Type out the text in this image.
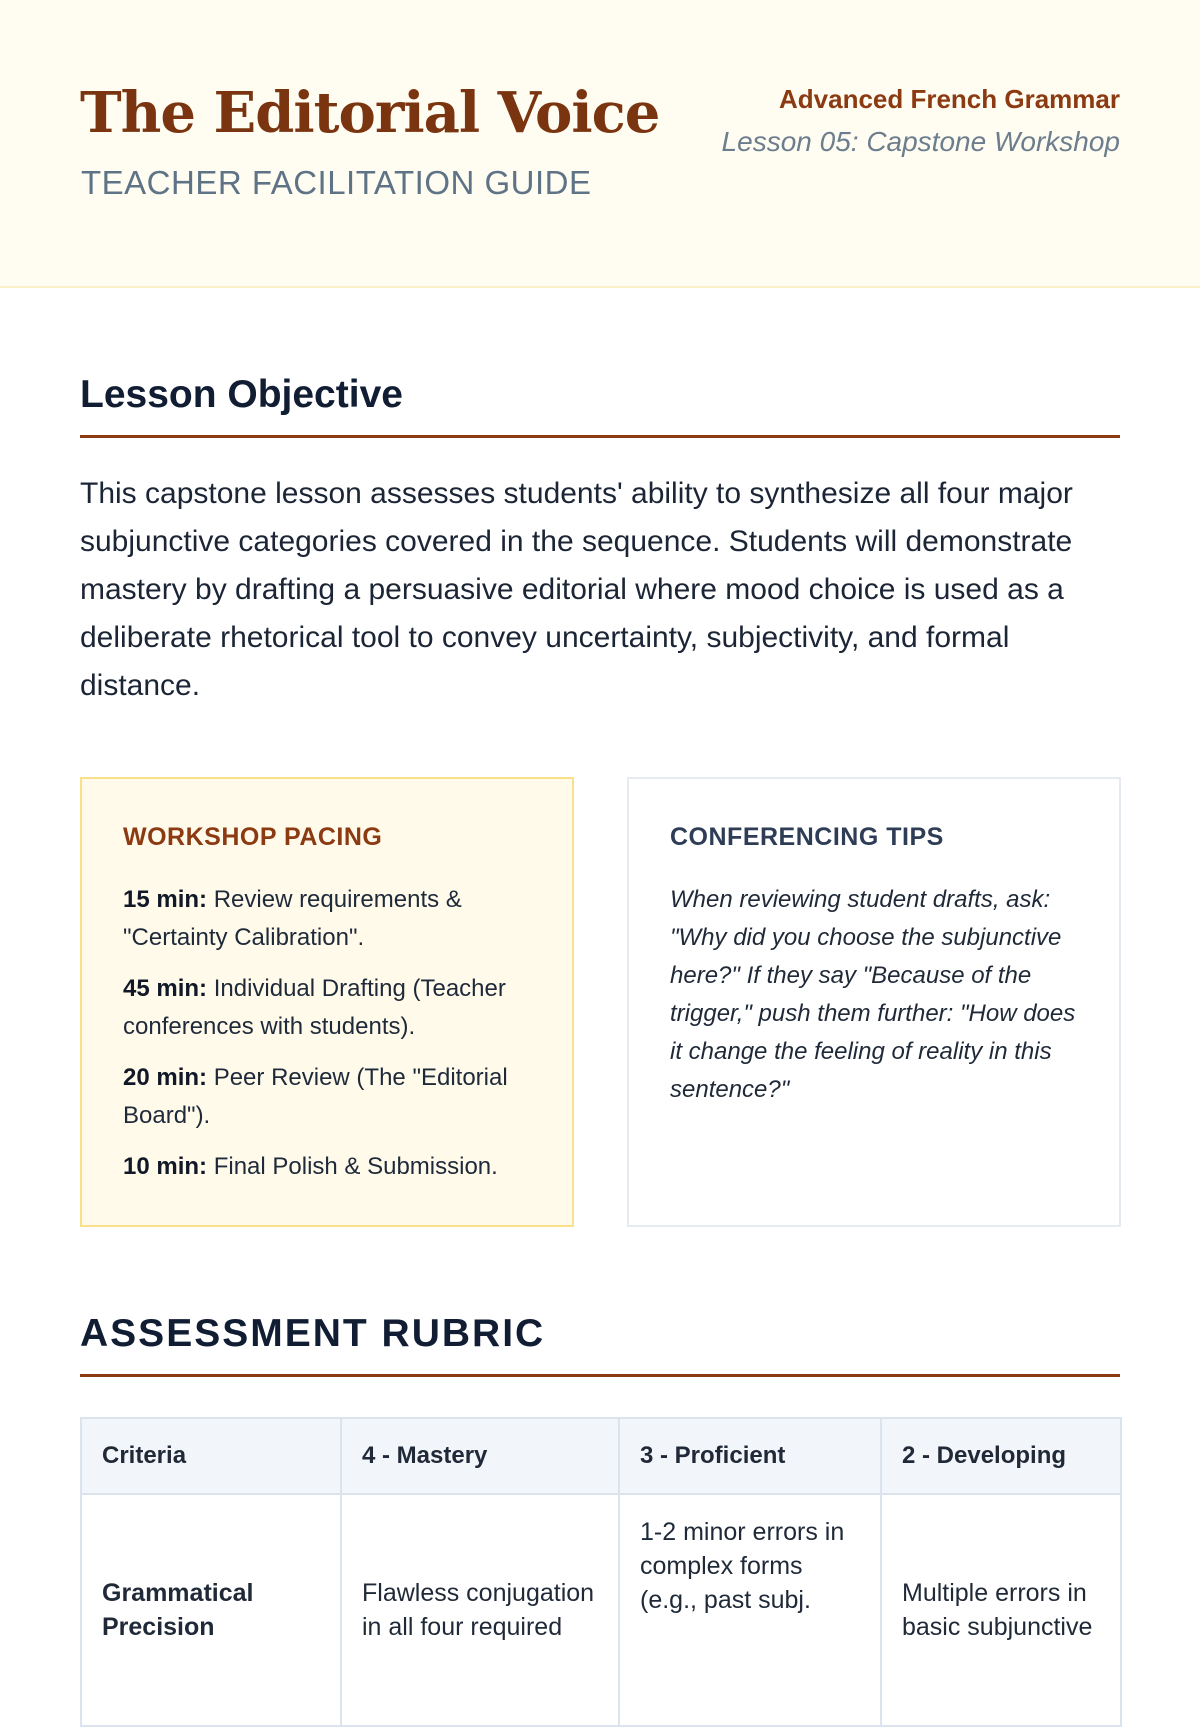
The Editorial Voice
TEACHER FACILITATION GUIDE
Advanced French Grammar
Lesson 05: Capstone Workshop
Lesson Objective

This capstone lesson assesses students' ability to synthesize all four major subjunctive categories covered in the sequence. Students will demonstrate mastery by drafting a persuasive editorial where mood choice is used as a deliberate rhetorical tool to convey uncertainty, subjectivity, and formal distance.

WORKSHOP PACING
15 min: Review requirements & "Certainty Calibration".
45 min: Individual Drafting (Teacher conferences with students).
20 min: Peer Review (The "Editorial Board").
10 min: Final Polish & Submission.
CONFERENCING TIPS

When reviewing student drafts, ask: "Why did you choose the subjunctive here?" If they say "Because of the trigger," push them further: "How does it change the feeling of reality in this sentence?"

ASSESSMENT RUBRIC
Criteria	4 - Mastery	3 - Proficient	2 - Developing
Grammatical Precision	Flawless conjugation in all four required	1-2 minor errors in complex forms (e.g., past subj.	Multiple errors in basic subjunctive
